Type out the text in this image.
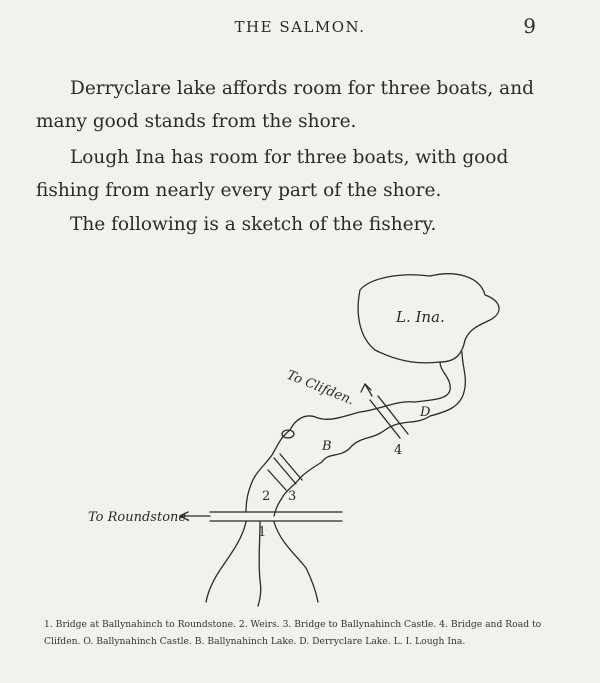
THE SALMON.	9

Derryclare lake affords room for three boats, and many good stands from the shore.

Lough Ina has room for three boats, with good fishing from nearly every part of the shore.

The following is a sketch of the fishery.

L. Ina.
To Clifden.
To Roundstone.
B
D
1
2 3
4

1. Bridge at Ballynahinch to Roundstone. 2. Weirs. 3. Bridge to Ballynahinch Castle. 4. Bridge and Road to Clifden. O. Ballynahinch Castle. B. Ballynahinch Lake. D. Derryclare Lake. L. I. Lough Ina.
